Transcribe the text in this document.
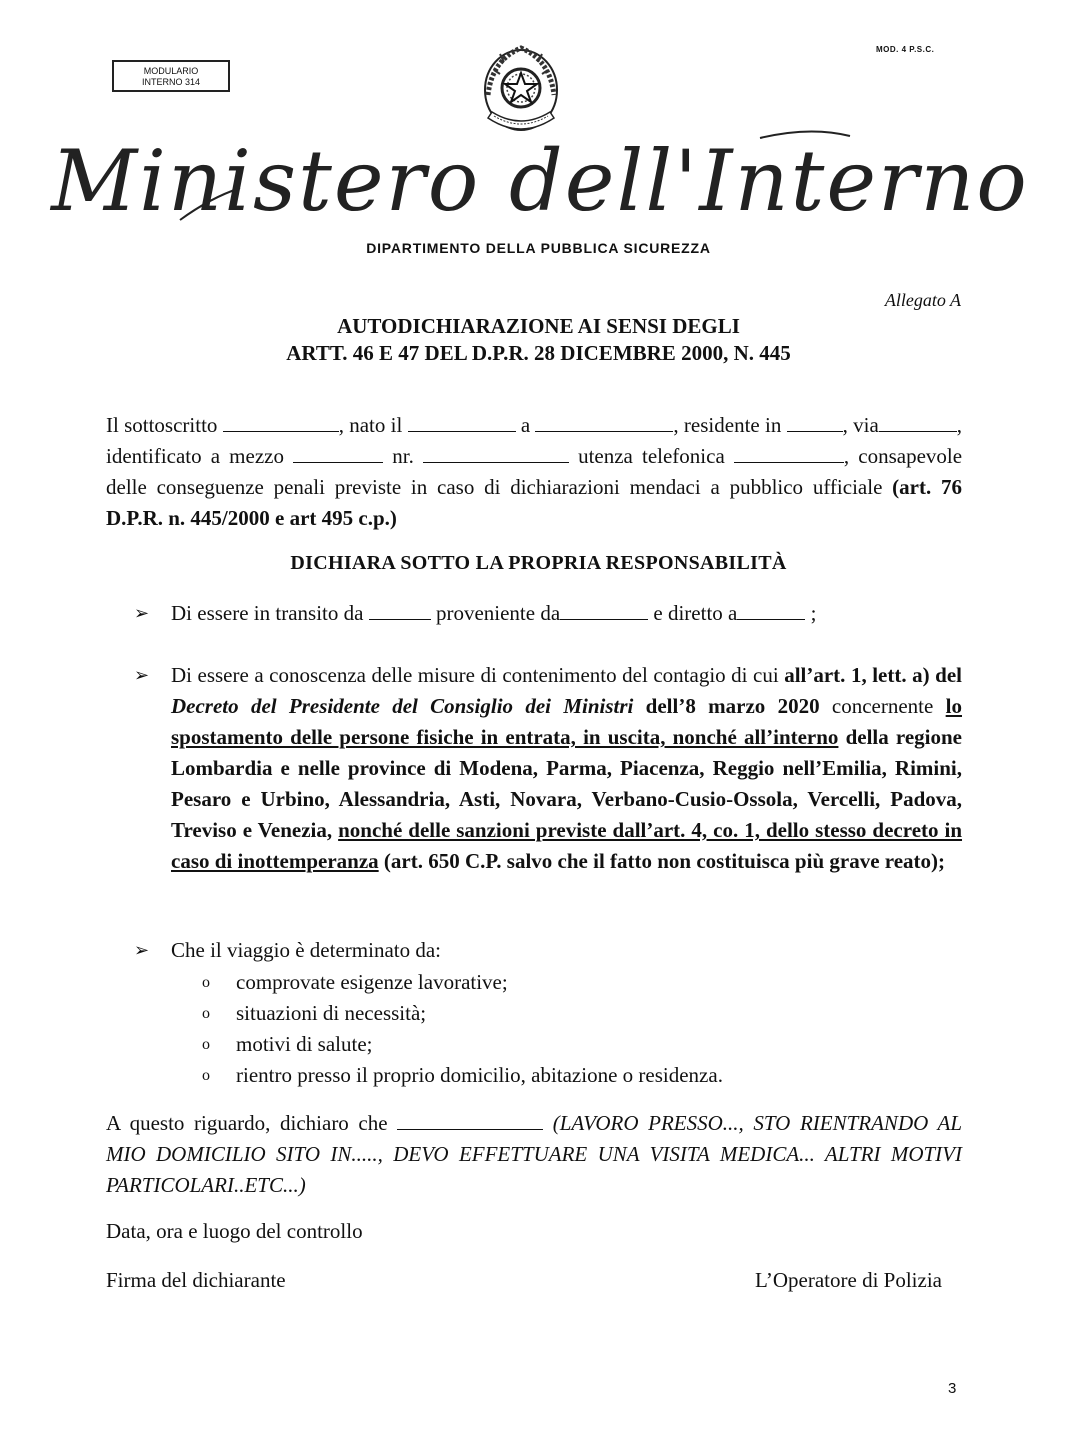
MODULARIO
INTERNO 314
MOD. 4 P.S.C.
Ministero dell'Interno
DIPARTIMENTO DELLA PUBBLICA SICUREZZA
Allegato A
AUTODICHIARAZIONE AI SENSI DEGLI
ARTT. 46 E 47 DEL D.P.R. 28 DICEMBRE 2000, N. 445
Il sottoscritto	, nato il	a	, residente in	, via	, identificato a mezzo	nr.	utenza telefonica	, consapevole delle conseguenze penali previste in caso di dichiarazioni mendaci a pubblico ufficiale (art. 76 D.P.R. n. 445/2000 e art 495 c.p.)
DICHIARA SOTTO LA PROPRIA RESPONSABILITÀ
➢	Di essere in transito da	proveniente da	e diretto a	;
➢	Di essere a conoscenza delle misure di contenimento del contagio di cui all’art. 1, lett. a) del Decreto del Presidente del Consiglio dei Ministri dell’8 marzo 2020 concernente lo spostamento delle persone fisiche in entrata, in uscita, nonché all’interno della regione Lombardia e nelle province di Modena, Parma, Piacenza, Reggio nell’Emilia, Rimini, Pesaro e Urbino, Alessandria, Asti, Novara, Verbano-Cusio-Ossola, Vercelli, Padova, Treviso e Venezia, nonché delle sanzioni previste dall’art. 4, co. 1, dello stesso decreto in caso di inottemperanza (art. 650 C.P. salvo che il fatto non costituisca più grave reato);
➢	Che il viaggio è determinato da:
o comprovate esigenze lavorative;
o situazioni di necessità;
o motivi di salute;
o rientro presso il proprio domicilio, abitazione o residenza.
A questo riguardo, dichiaro che	(LAVORO PRESSO..., STO RIENTRANDO AL MIO DOMICILIO SITO IN....., DEVO EFFETTUARE UNA VISITA MEDICA... ALTRI MOTIVI PARTICOLARI..ETC...)
Data, ora e luogo del controllo
Firma del dichiarante	L’Operatore di Polizia
3
